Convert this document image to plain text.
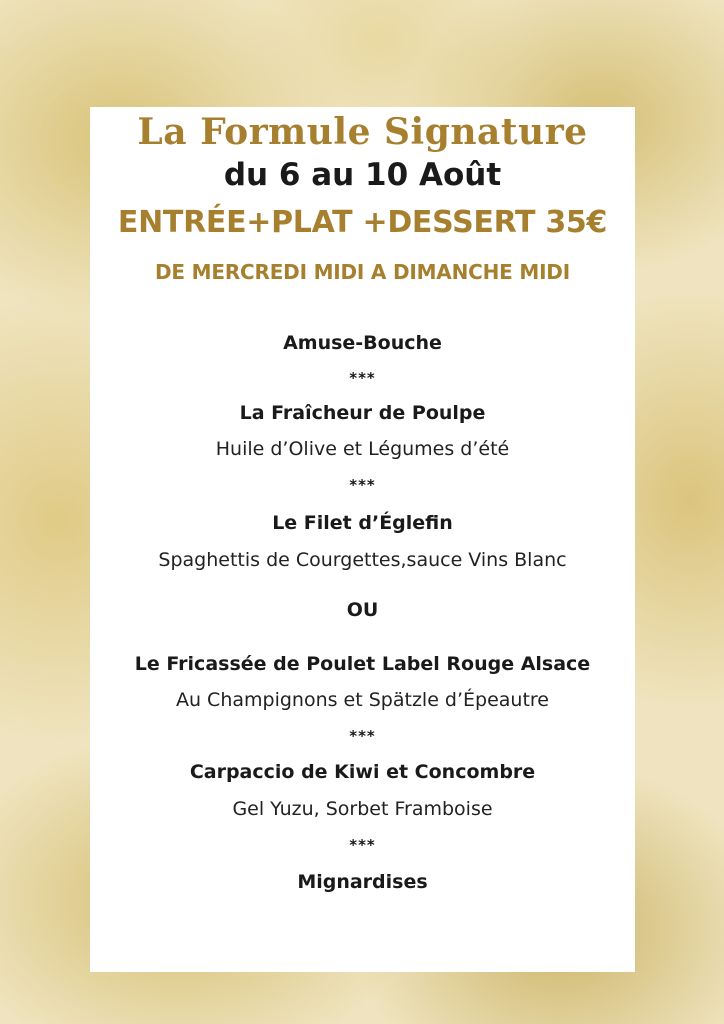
La Formule Signature
du 6 au 10 Août
ENTRÉE+PLAT +DESSERT 35€
DE MERCREDI MIDI A DIMANCHE MIDI
Amuse-Bouche
***
La Fraîcheur de Poulpe
Huile d’Olive et Légumes d’été
***
Le Filet d’Églefin
Spaghettis de Courgettes,sauce Vins Blanc
OU
Le Fricassée de Poulet Label Rouge Alsace
Au Champignons et Spätzle d’Épeautre
***
Carpaccio de Kiwi et Concombre
Gel Yuzu, Sorbet Framboise
***
Mignardises
